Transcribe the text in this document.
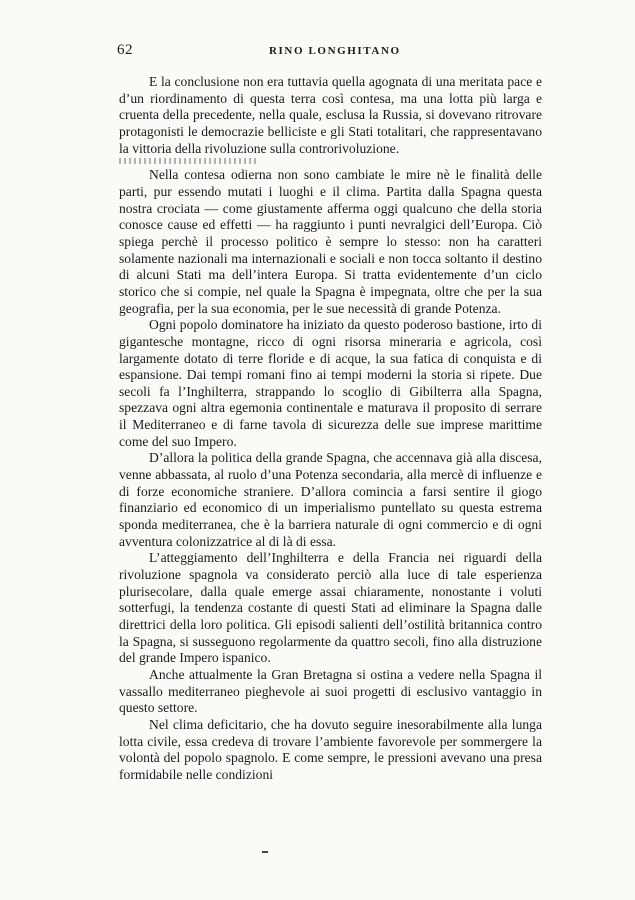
62	RINO LONGHITANO

E la conclusione non era tuttavia quella agognata di una meritata pace e d’un riordinamento di questa terra così contesa, ma una lotta più larga e cruenta della precedente, nella quale, esclusa la Russia, si dovevano ritrovare protagonisti le democrazie belliciste e gli Stati totalitari, che rappresentavano la vittoria della rivoluzione sulla controrivoluzione.

Nella contesa odierna non sono cambiate le mire nè le finalità delle parti, pur essendo mutati i luoghi e il clima. Partita dalla Spagna questa nostra crociata — come giustamente afferma oggi qualcuno che della storia conosce cause ed effetti — ha raggiunto i punti nevralgici dell’Europa. Ciò spiega perchè il processo politico è sempre lo stesso: non ha caratteri solamente nazionali ma internazionali e sociali e non tocca soltanto il destino di alcuni Stati ma dell’intera Europa. Si tratta evidentemente d’un ciclo storico che si compie, nel quale la Spagna è impegnata, oltre che per la sua geografia, per la sua economia, per le sue necessità di grande Potenza.

Ogni popolo dominatore ha iniziato da questo poderoso bastione, irto di gigantesche montagne, ricco di ogni risorsa mineraria e agricola, così largamente dotato di terre floride e di acque, la sua fatica di conquista e di espansione. Dai tempi romani fino ai tempi moderni la storia si ripete. Due secoli fa l’Inghilterra, strappando lo scoglio di Gibilterra alla Spagna, spezzava ogni altra egemonia continentale e maturava il proposito di serrare il Mediterraneo e di farne tavola di sicurezza delle sue imprese marittime come del suo Impero.

D’allora la politica della grande Spagna, che accennava già alla discesa, venne abbassata, al ruolo d’una Potenza secondaria, alla mercè di influenze e di forze economiche straniere. D’allora comincia a farsi sentire il giogo finanziario ed economico di un imperialismo puntellato su questa estrema sponda mediterranea, che è la barriera naturale di ogni commercio e di ogni avventura colonizzatrice al di là di essa.

L’atteggiamento dell’Inghilterra e della Francia nei riguardi della rivoluzione spagnola va considerato perciò alla luce di tale esperienza plurisecolare, dalla quale emerge assai chiaramente, nonostante i voluti sotterfugi, la tendenza costante di questi Stati ad eliminare la Spagna dalle direttrici della loro politica. Gli episodi salienti dell’ostilità britannica contro la Spagna, si susseguono regolarmente da quattro secoli, fino alla distruzione del grande Impero ispanico.

Anche attualmente la Gran Bretagna si ostina a vedere nella Spagna il vassallo mediterraneo pieghevole ai suoi progetti di esclusivo vantaggio in questo settore.

Nel clima deficitario, che ha dovuto seguire inesorabilmente alla lunga lotta civile, essa credeva di trovare l’ambiente favorevole per sommergere la volontà del popolo spagnolo. E come sempre, le pressioni avevano una presa formidabile nelle condizioni
